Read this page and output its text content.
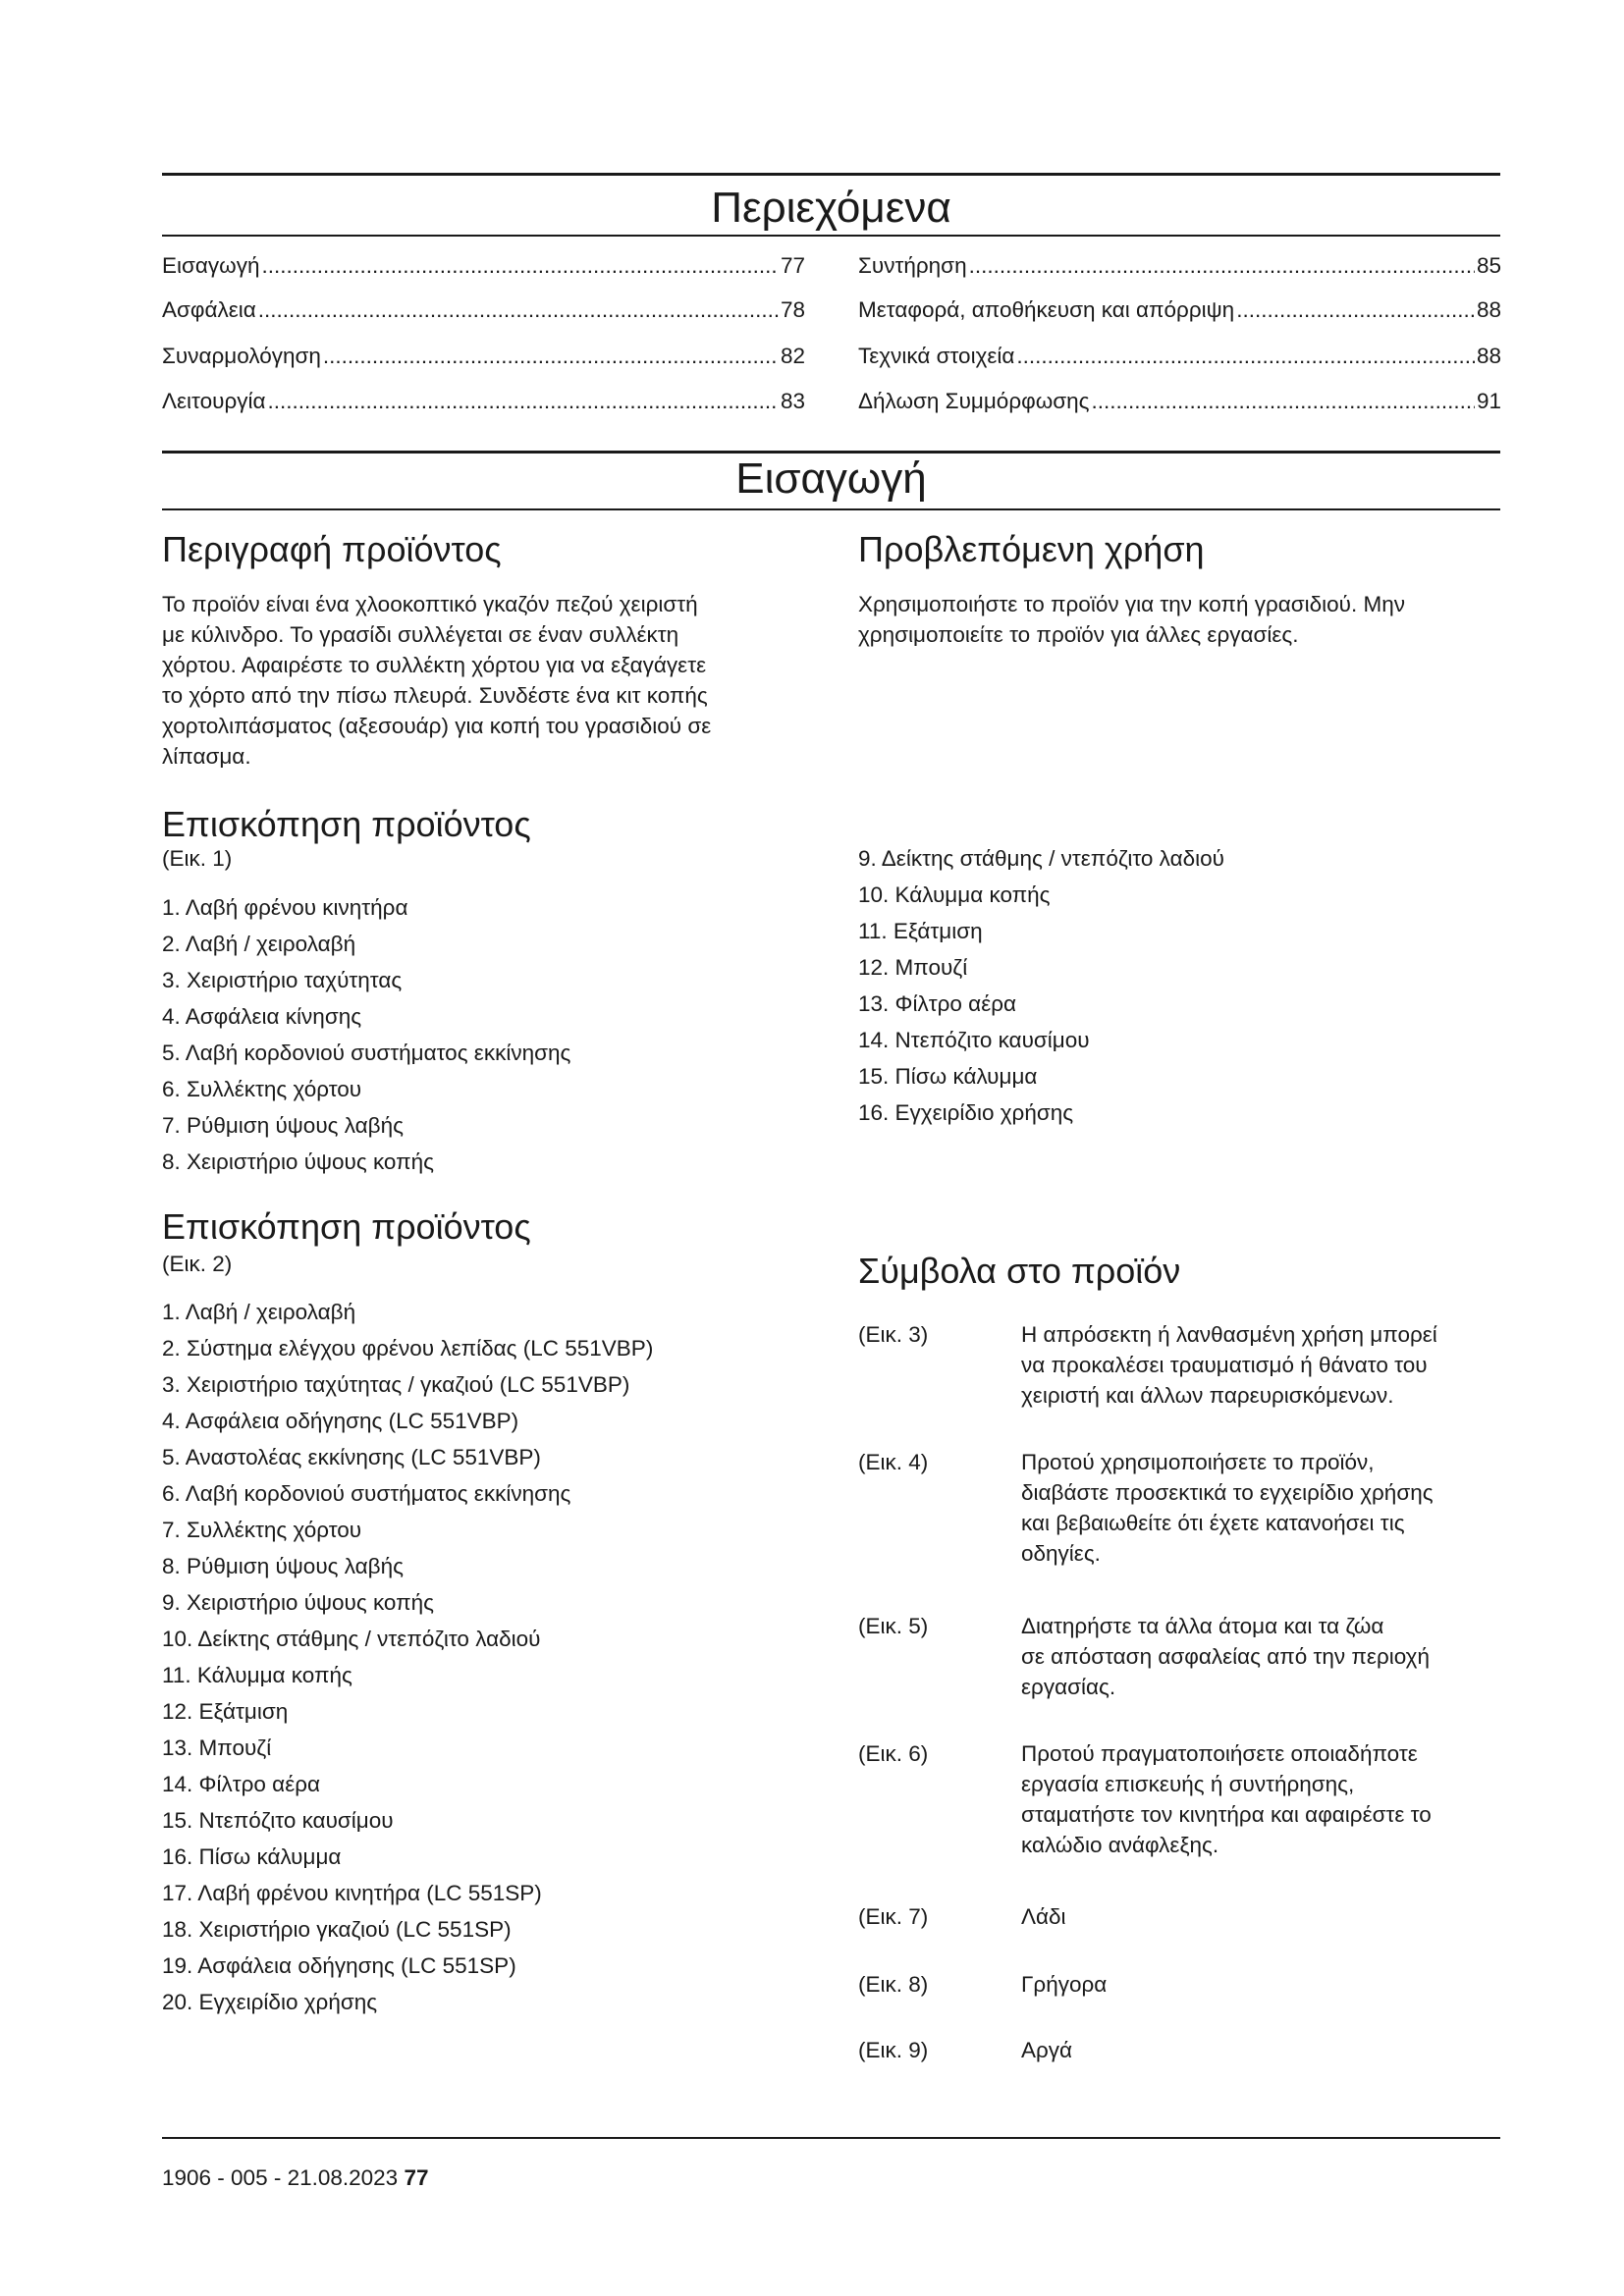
Περιεχόμενα
Εισαγωγή .....	77
Ασφάλεια .....	78
Συναρμολόγηση .....	82
Λειτουργία .....	83
Συντήρηση .....	85
Μεταφορά, αποθήκευση και απόρριψη .....	88
Τεχνικά στοιχεία .....	88
Δήλωση Συμμόρφωσης .....	91
Εισαγωγή
Περιγραφή προϊόντος
Το προϊόν είναι ένα χλοοκοπτικό γκαζόν πεζού χειριστή
με κύλινδρο. Το γρασίδι συλλέγεται σε έναν συλλέκτη
χόρτου. Αφαιρέστε το συλλέκτη χόρτου για να εξαγάγετε
το χόρτο από την πίσω πλευρά. Συνδέστε ένα κιτ κοπής
χορτολιπάσματος (αξεσουάρ) για κοπή του γρασιδιού σε
λίπασμα.
Προβλεπόμενη χρήση
Χρησιμοποιήστε το προϊόν για την κοπή γρασιδιού. Μην
χρησιμοποιείτε το προϊόν για άλλες εργασίες.
Επισκόπηση προϊόντος
(Εικ. 1)
1. Λαβή φρένου κινητήρα
2. Λαβή / χειρολαβή
3. Χειριστήριο ταχύτητας
4. Ασφάλεια κίνησης
5. Λαβή κορδονιού συστήματος εκκίνησης
6. Συλλέκτης χόρτου
7. Ρύθμιση ύψους λαβής
8. Χειριστήριο ύψους κοπής
9. Δείκτης στάθμης / ντεπόζιτο λαδιού
10. Κάλυμμα κοπής
11. Εξάτμιση
12. Μπουζί
13. Φίλτρο αέρα
14. Ντεπόζιτο καυσίμου
15. Πίσω κάλυμμα
16. Εγχειρίδιο χρήσης
Επισκόπηση προϊόντος
(Εικ. 2)
1. Λαβή / χειρολαβή
2. Σύστημα ελέγχου φρένου λεπίδας (LC 551VBP)
3. Χειριστήριο ταχύτητας / γκαζιού (LC 551VBP)
4. Ασφάλεια οδήγησης (LC 551VBP)
5. Αναστολέας εκκίνησης (LC 551VBP)
6. Λαβή κορδονιού συστήματος εκκίνησης
7. Συλλέκτης χόρτου
8. Ρύθμιση ύψους λαβής
9. Χειριστήριο ύψους κοπής
10. Δείκτης στάθμης / ντεπόζιτο λαδιού
11. Κάλυμμα κοπής
12. Εξάτμιση
13. Μπουζί
14. Φίλτρο αέρα
15. Ντεπόζιτο καυσίμου
16. Πίσω κάλυμμα
17. Λαβή φρένου κινητήρα (LC 551SP)
18. Χειριστήριο γκαζιού (LC 551SP)
19. Ασφάλεια οδήγησης (LC 551SP)
20. Εγχειρίδιο χρήσης
Σύμβολα στο προϊόν
(Εικ. 3)	Η απρόσεκτη ή λανθασμένη χρήση μπορεί
να προκαλέσει τραυματισμό ή θάνατο του
χειριστή και άλλων παρευρισκόμενων.
(Εικ. 4)	Προτού χρησιμοποιήσετε το προϊόν,
διαβάστε προσεκτικά το εγχειρίδιο χρήσης
και βεβαιωθείτε ότι έχετε κατανοήσει τις
οδηγίες.
(Εικ. 5)	Διατηρήστε τα άλλα άτομα και τα ζώα
σε απόσταση ασφαλείας από την περιοχή
εργασίας.
(Εικ. 6)	Προτού πραγματοποιήσετε οποιαδήποτε
εργασία επισκευής ή συντήρησης,
σταματήστε τον κινητήρα και αφαιρέστε το
καλώδιο ανάφλεξης.
(Εικ. 7)	Λάδι
(Εικ. 8)	Γρήγορα
(Εικ. 9)	Αργά
1906 - 005 - 21.08.2023 77
